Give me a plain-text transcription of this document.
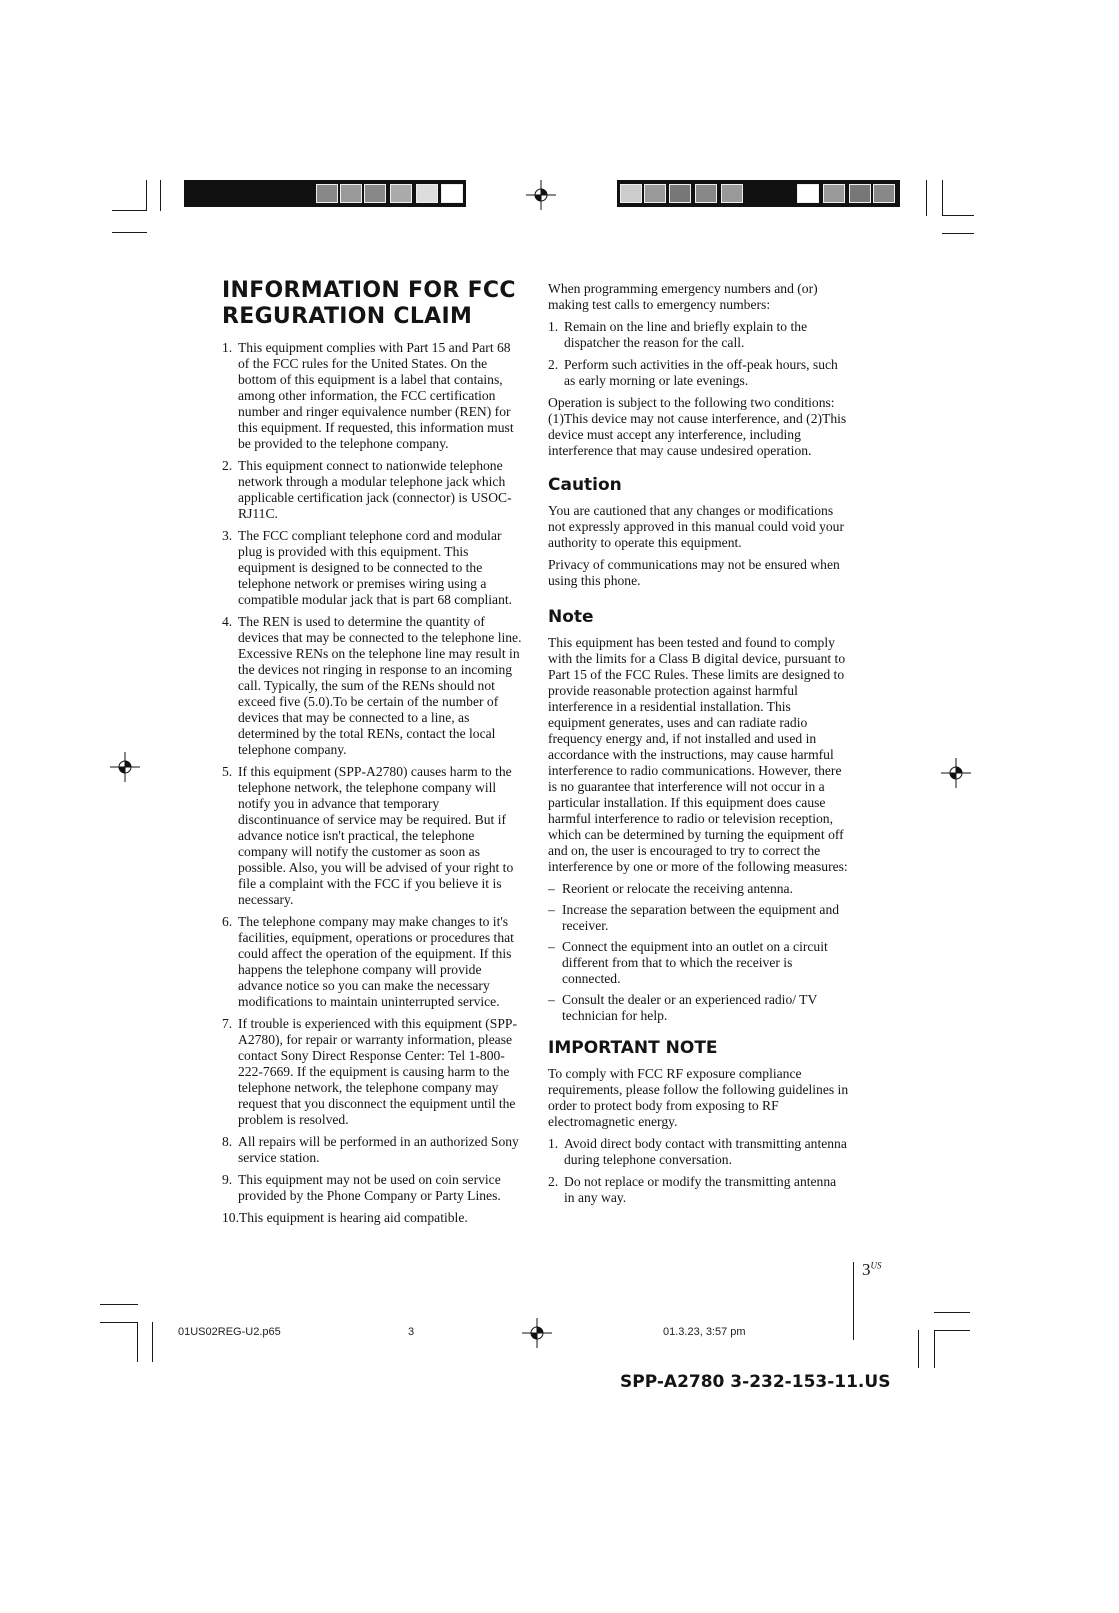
INFORMATION FOR FCC
REGURATION CLAIM
1. This equipment complies with Part 15 and Part 68 of the FCC rules for the United States. On the bottom of this equipment is a label that contains, among other information, the FCC certification number and ringer equivalence number (REN) for this equipment. If requested, this information must be provided to the telephone company.
2. This equipment connect to nationwide telephone network through a modular telephone jack which applicable certification jack (connector) is USOC-RJ11C.
3. The FCC compliant telephone cord and modular plug is provided with this equipment. This equipment is designed to be connected to the telephone network or premises wiring using a compatible modular jack that is part 68 compliant.
4. The REN is used to determine the quantity of devices that may be connected to the telephone line. Excessive RENs on the telephone line may result in the devices not ringing in response to an incoming call. Typically, the sum of the RENs should not exceed five (5.0).To be certain of the number of devices that may be connected to a line, as determined by the total RENs, contact the local telephone company.
5. If this equipment (SPP-A2780) causes harm to the telephone network, the telephone company will notify you in advance that temporary discontinuance of service may be required. But if advance notice isn't practical, the telephone company will notify the customer as soon as possible. Also, you will be advised of your right to file a complaint with the FCC if you believe it is necessary.
6. The telephone company may make changes to it's facilities, equipment, operations or procedures that could affect the operation of the equipment. If this happens the telephone company will provide advance notice so you can make the necessary modifications to maintain uninterrupted service.
7. If trouble is experienced with this equipment (SPP-A2780), for repair or warranty information, please contact Sony Direct Response Center: Tel 1-800-222-7669. If the equipment is causing harm to the telephone network, the telephone company may request that you disconnect the equipment until the problem is resolved.
8. All repairs will be performed in an authorized Sony service station.
9. This equipment may not be used on coin service provided by the Phone Company or Party Lines.
10.This equipment is hearing aid compatible.

When programming emergency numbers and (or) making test calls to emergency numbers:

1. Remain on the line and briefly explain to the dispatcher the reason for the call.
2. Perform such activities in the off-peak hours, such as early morning or late evenings.

Operation is subject to the following two conditions: (1)This device may not cause interference, and (2)This device must accept any interference, including interference that may cause undesired operation.

Caution

You are cautioned that any changes or modifications not expressly approved in this manual could void your authority to operate this equipment.

Privacy of communications may not be ensured when using this phone.

Note

This equipment has been tested and found to comply with the limits for a Class B digital device, pursuant to Part 15 of the FCC Rules. These limits are designed to provide reasonable protection against harmful interference in a residential installation. This equipment generates, uses and can radiate radio frequency energy and, if not installed and used in accordance with the instructions, may cause harmful interference to radio communications. However, there is no guarantee that interference will not occur in a particular installation. If this equipment does cause harmful interference to radio or television reception, which can be determined by turning the equipment off and on, the user is encouraged to try to correct the interference by one or more of the following measures:

– Reorient or relocate the receiving antenna.
– Increase the separation between the equipment and receiver.
– Connect the equipment into an outlet on a circuit different from that to which the receiver is connected.
– Consult the dealer or an experienced radio/ TV technician for help.
IMPORTANT NOTE

To comply with FCC RF exposure compliance requirements, please follow the following guidelines in order to protect body from exposing to RF electromagnetic energy.

1. Avoid direct body contact with transmitting antenna during telephone conversation.
2. Do not replace or modify the transmitting antenna in any way.
$3^{US}$
01US02REG-U2.p65	3	01.3.23, 3:57 pm
SPP-A2780 3-232-153-11.US
